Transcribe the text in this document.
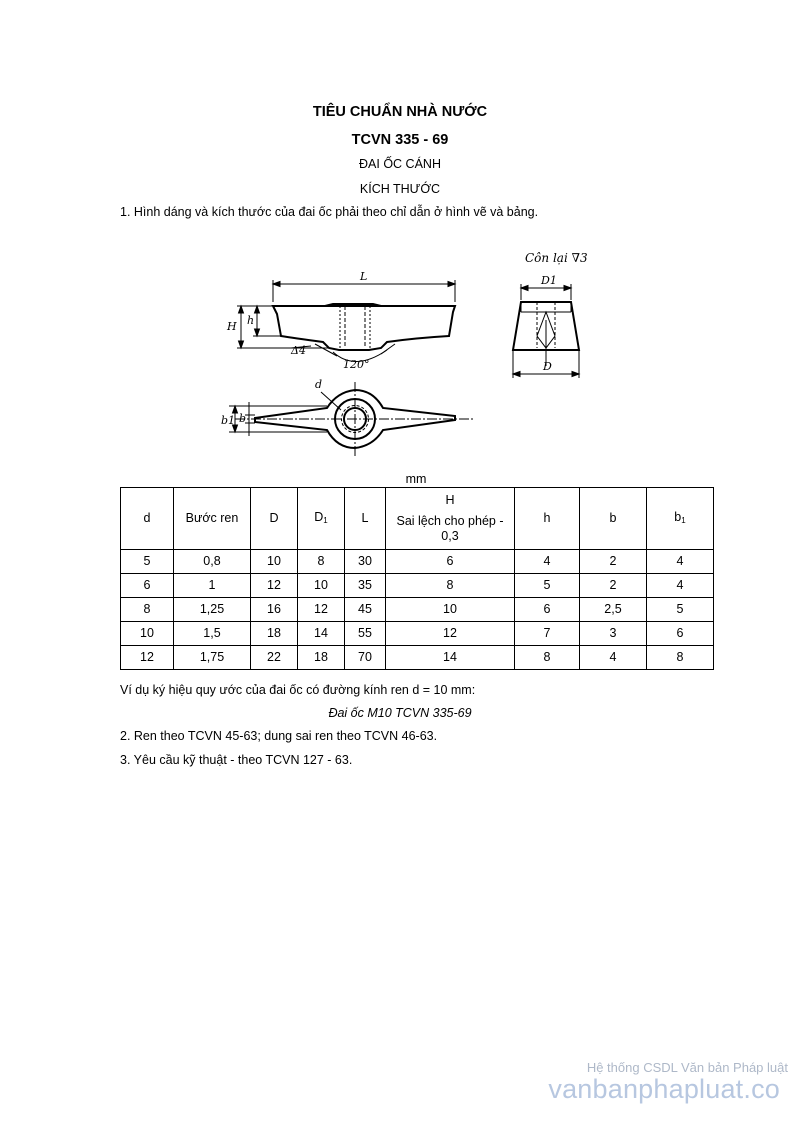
TIÊU CHUẨN NHÀ NƯỚC
TCVN 335 - 69
ĐAI ỐC CÁNH
KÍCH THƯỚC
1. Hình dáng và kích thước của đai ốc phải theo chỉ dẫn ở hình vẽ và bảng.
Côn lại ∇3
L
H h
Δ4
120°
d
b1 b
D1
D
mm
d	Bước ren	D	$D_1$	L	H
Sai lệch cho phép - 0,3	h	b	$b_1$
5	0,8	10	8	30	6	4	2	4
6	1	12	10	35	8	5	2	4
8	1,25	16	12	45	10	6	2,5	5
10	1,5	18	14	55	12	7	3	6
12	1,75	22	18	70	14	8	4	8
Ví dụ ký hiệu quy ước của đai ốc có đường kính ren d = 10 mm:
Đai ốc M10 TCVN 335-69
2. Ren theo TCVN 45-63; dung sai ren theo TCVN 46-63.
3. Yêu cầu kỹ thuật - theo TCVN 127 - 63.
Hệ thống CSDL Văn bản Pháp luật
vanbanphapluat.co
